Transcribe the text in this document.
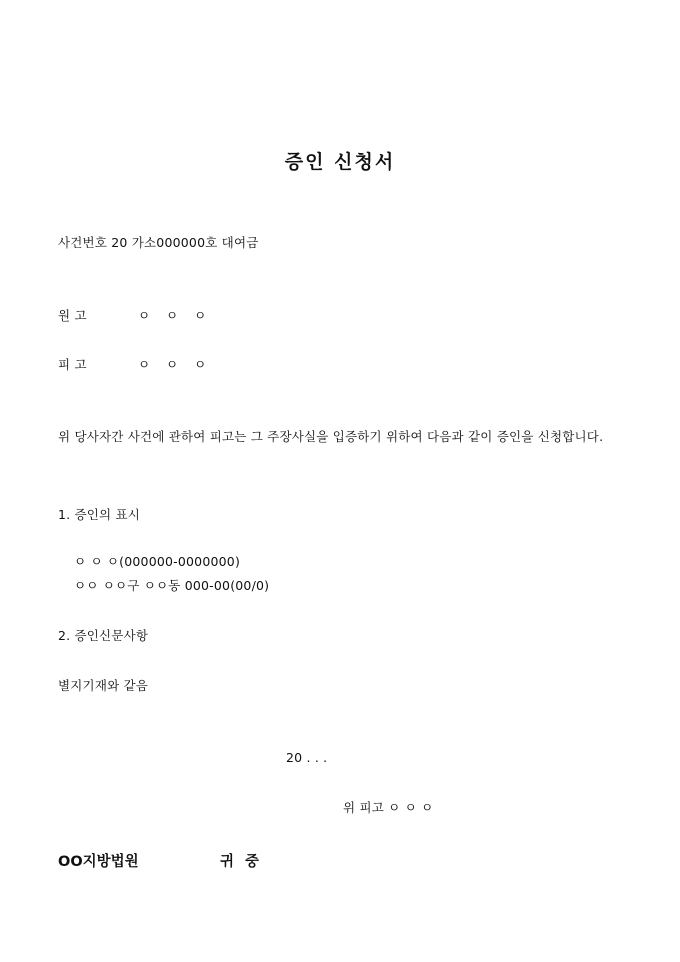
증인 신청서
사건번호 20 가소000000호 대여금
원 고	ㅇ ㅇ ㅇ
피 고	ㅇ ㅇ ㅇ
위 당사자간 사건에 관하여 피고는 그 주장사실을 입증하기 위하여 다음과 같이 증인을 신청합니다.
1. 증인의 표시
ㅇ ㅇ ㅇ(000000-0000000)
ㅇㅇ ㅇㅇ구 ㅇㅇ동 000-00(00/0)
2. 증인신문사항
별지기재와 같음
20 . . .
위 피고 ㅇ ㅇ ㅇ
OO지방법원	귀 중
